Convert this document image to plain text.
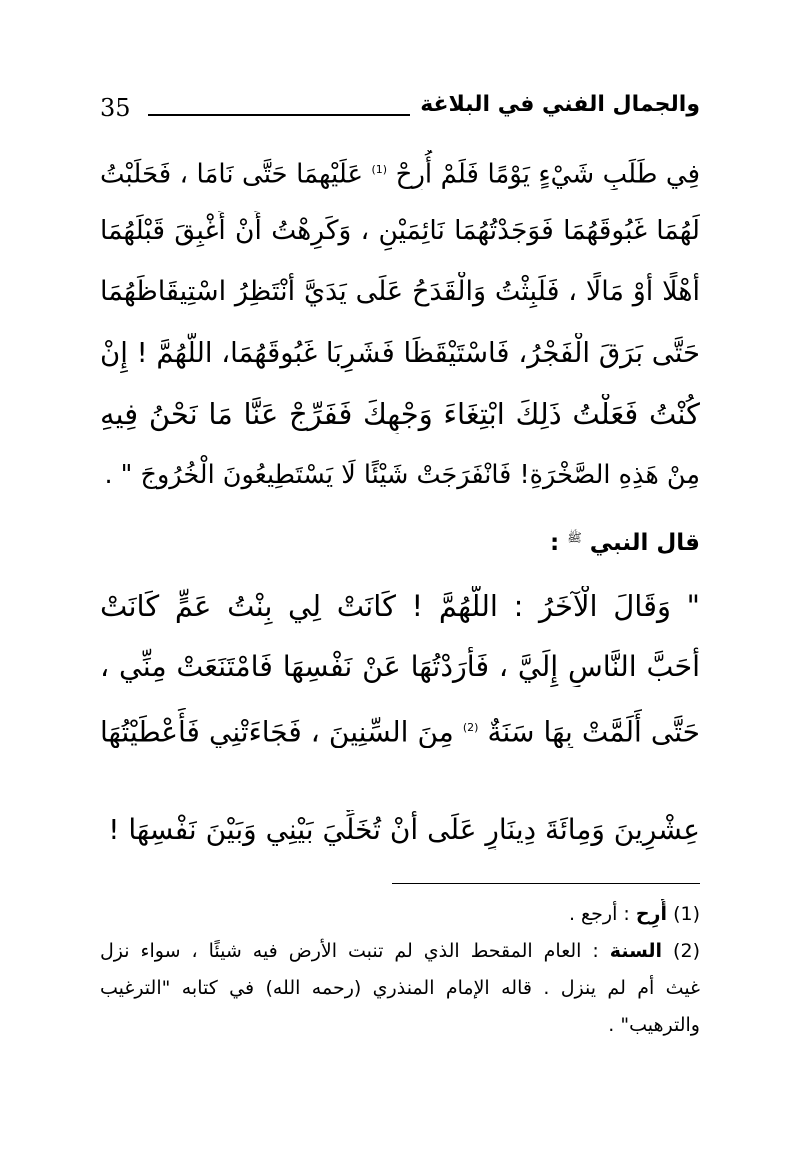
35	والجمال الفني في البلاغة
فِي طَلَبِ شَيْءٍ يَوْمًا فَلَمْ أُرِحْ $^{(1)}$ عَلَيْهِمَا حَتَّى نَامَا ، فَحَلَبْتُ
لَهُمَا غَبُوقَهُمَا فَوَجَدْتُهُمَا نَائِمَيْنِ ، وَكَرِهْتُ أَنْ أَغْبِقَ قَبْلَهُمَا
أَهْلًا أَوْ مَالًا ، فَلَبِثْتُ وَالْقَدَحُ عَلَى يَدَيَّ أَنْتَظِرُ اسْتِيقَاظَهُمَا
حَتَّى بَرَقَ الْفَجْرُ، فَاسْتَيْقَظَا فَشَرِبَا غَبُوقَهُمَا، اللَّهُمَّ ! إِنْ
كُنْتُ فَعَلْتُ ذَلِكَ ابْتِغَاءَ وَجْهِكَ فَفَرِّجْ عَنَّا مَا نَحْنُ فِيهِ
مِنْ هَذِهِ الصَّخْرَةِ! فَانْفَرَجَتْ شَيْئًا لَا يَسْتَطِيعُونَ الْخُرُوجَ " .
قال النبي $^ﷺ$ :
" وَقَالَ الْآخَرُ : اللَّهُمَّ ! كَانَتْ لِي بِنْتُ عَمٍّ كَانَتْ
أَحَبَّ النَّاسِ إِلَيَّ ، فَأَرَدْتُهَا عَنْ نَفْسِهَا فَامْتَنَعَتْ مِنِّي ،
حَتَّى أَلَمَّتْ بِهَا سَنَةٌ $^{(2)}$ مِنَ السِّنِينَ ، فَجَاءَتْنِي فَأَعْطَيْتُهَا
عِشْرِينَ وَمِائَةَ دِينَارٍ عَلَى أَنْ تُخَلِّيَ بَيْنِي وَبَيْنَ نَفْسِهَا !
(1) أُرِح : أرجع .
(2) السنة : العام المقحط الذي لم تنبت الأرض فيه شيئًا ، سواء نزل
غيث أم لم ينزل . قاله الإمام المنذري (رحمه الله) في كتابه "الترغيب
والترهيب" .
